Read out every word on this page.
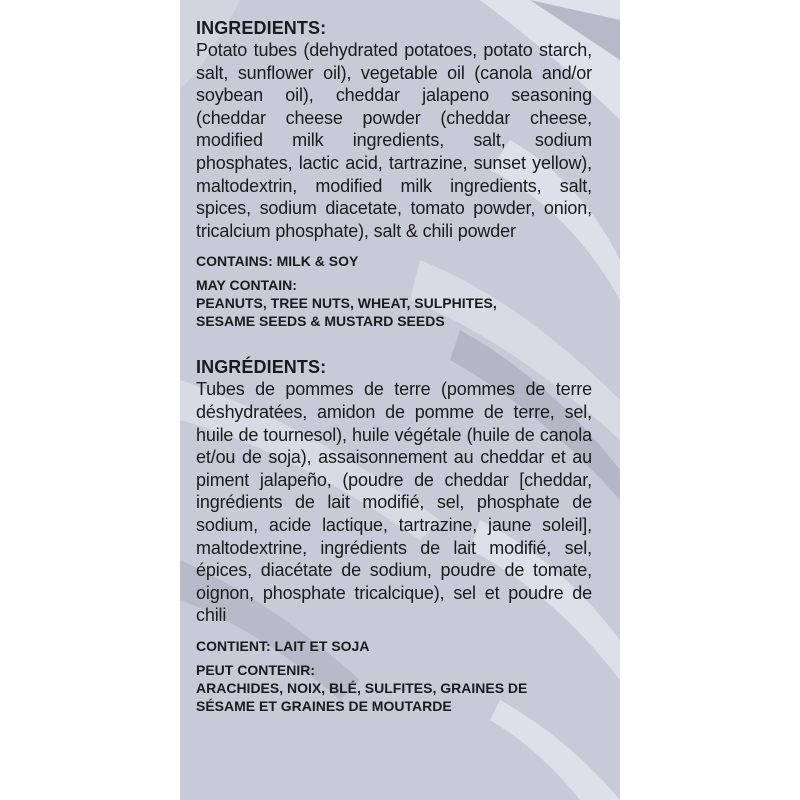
INGREDIENTS:

Potato tubes (dehydrated potatoes, potato starch, salt, sunflower oil), vegetable oil (canola and/or soybean oil), cheddar jalapeno seasoning (cheddar cheese powder (cheddar cheese, modified milk ingredients, salt, sodium phosphates, lactic acid, tartrazine, sunset yellow), maltodextrin, modified milk ingredients, salt, spices, sodium diacetate, tomato powder, onion, tricalcium phosphate), salt & chili powder

CONTAINS: MILK & SOY

MAY CONTAIN:

PEANUTS, TREE NUTS, WHEAT, SULPHITES,

SESAME SEEDS & MUSTARD SEEDS

INGRÉDIENTS:

Tubes de pommes de terre (pommes de terre déshydratées, amidon de pomme de terre, sel, huile de tournesol), huile végétale (huile de canola et/ou de soja), assaisonnement au cheddar et au piment jalapeño, (poudre de cheddar [cheddar, ingrédients de lait modifié, sel, phosphate de sodium, acide lactique, tartrazine, jaune soleil], maltodextrine, ingrédients de lait modifié, sel, épices, diacétate de sodium, poudre de tomate, oignon, phosphate tricalcique), sel et poudre de chili

CONTIENT: LAIT ET SOJA

PEUT CONTENIR:

ARACHIDES, NOIX, BLÉ, SULFITES, GRAINES DE

SÉSAME ET GRAINES DE MOUTARDE
